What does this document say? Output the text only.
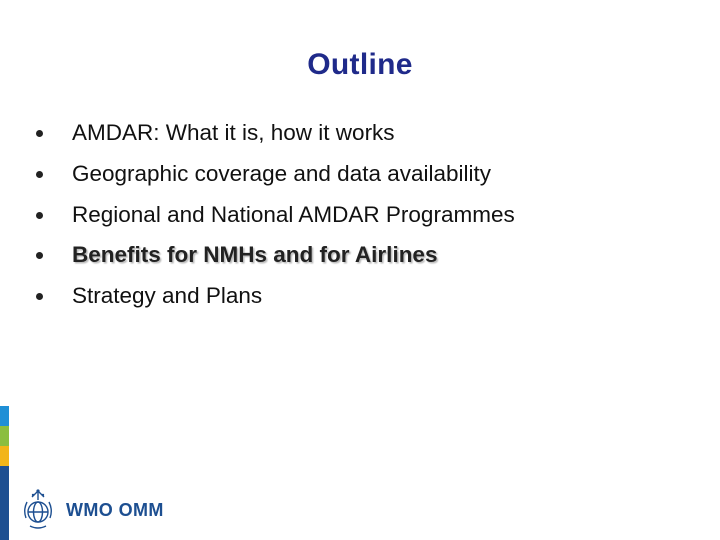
Outline
AMDAR: What it is, how it works
Geographic coverage and data availability
Regional and National AMDAR Programmes
Benefits for NMHs and for Airlines
Strategy and Plans
WMO OMM
